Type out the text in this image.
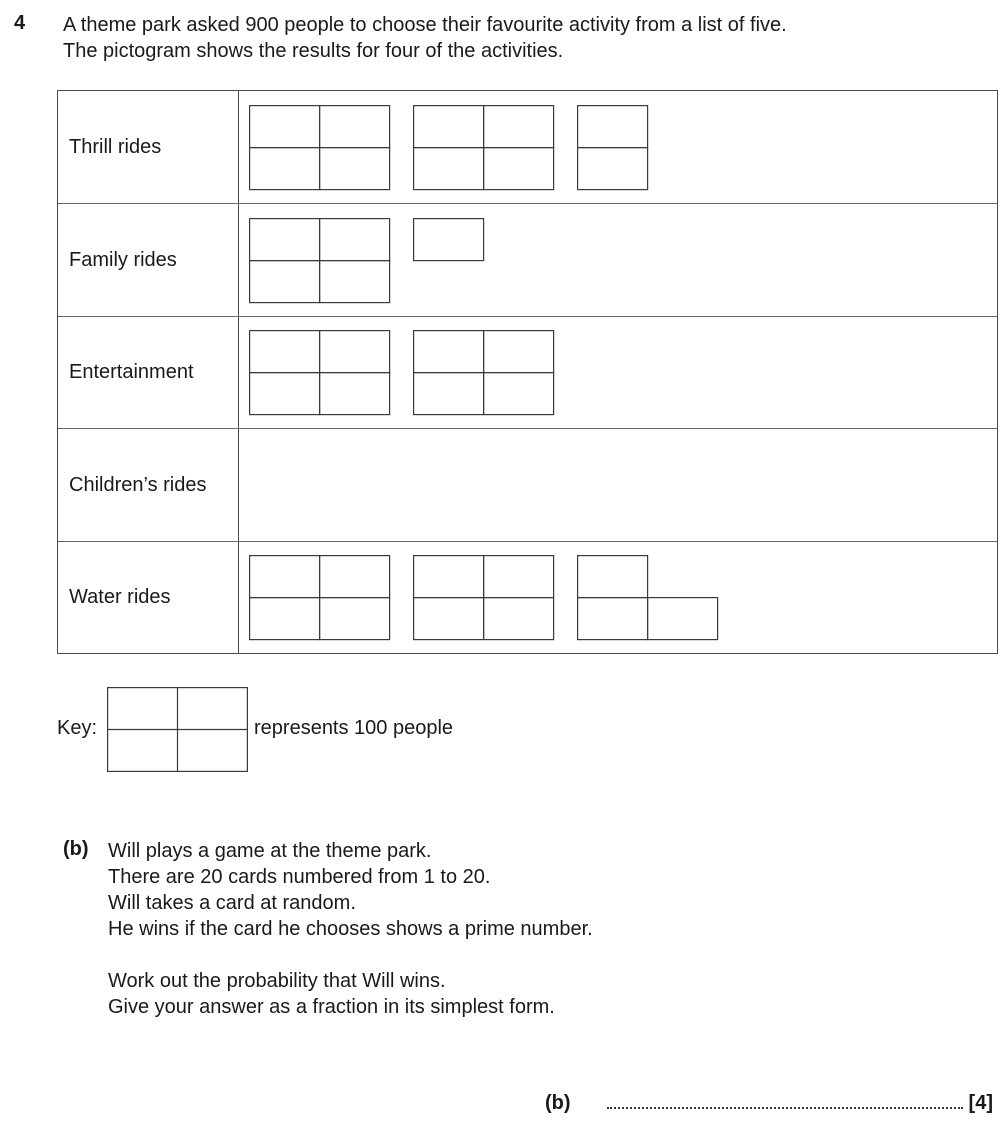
4 A theme park asked 900 people to choose their favourite activity from a list of five.
The pictogram shows the results for four of the activities.
Thrill rides
Family rides
Entertainment
Children’s rides
Water rides
Key:	represents 100 people
(b) Will plays a game at the theme park.
There are 20 cards numbered from 1 to 20.
Will takes a card at random.
He wins if the card he chooses shows a prime number.
Work out the probability that Will wins.
Give your answer as a fraction in its simplest form.
(b)	[4]
